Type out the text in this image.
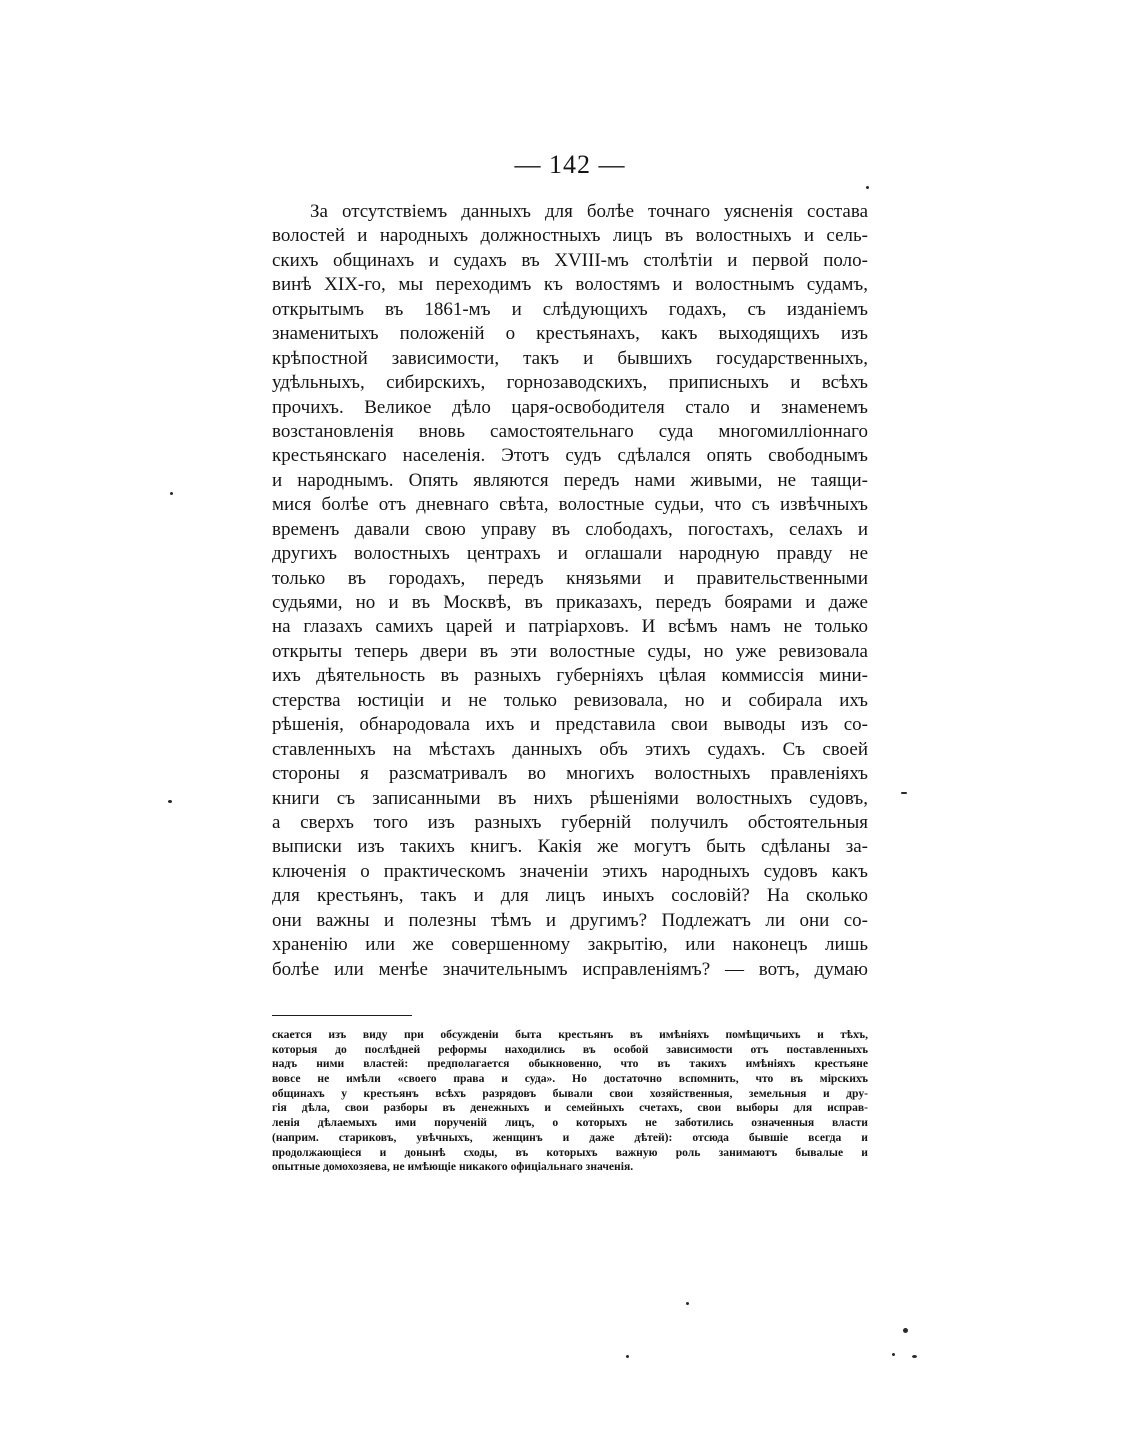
— 142 —
За отсутствіемъ данныхъ для болѣе точнаго уясненія состава
волостей и народныхъ должностныхъ лицъ въ волостныхъ и сель-
скихъ общинахъ и судахъ въ XVIII-мъ столѣтіи и первой поло-
винѣ XIX-го, мы переходимъ къ волостямъ и волостнымъ судамъ,
открытымъ въ 1861-мъ и слѣдующихъ годахъ, съ изданіемъ
знаменитыхъ положеній о крестьянахъ, какъ выходящихъ изъ
крѣпостной зависимости, такъ и бывшихъ государственныхъ,
удѣльныхъ, сибирскихъ, горнозаводскихъ, приписныхъ и всѣхъ
прочихъ. Великое дѣло царя-освободителя стало и знаменемъ
возстановленія вновь самостоятельнаго суда многомилліоннаго
крестьянскаго населенія. Этотъ судъ сдѣлался опять свободнымъ
и народнымъ. Опять являются передъ нами живыми, не таящи-
мися болѣе отъ дневнаго свѣта, волостные судьи, что съ извѣчныхъ
временъ давали свою управу въ слободахъ, погостахъ, селахъ и
другихъ волостныхъ центрахъ и оглашали народную правду не
только въ городахъ, передъ князьями и правительственными
судьями, но и въ Москвѣ, въ приказахъ, передъ боярами и даже
на глазахъ самихъ царей и патріарховъ. И всѣмъ намъ не только
открыты теперь двери въ эти волостные суды, но уже ревизовала
ихъ дѣятельность въ разныхъ губерніяхъ цѣлая коммиссія мини-
стерства юстиціи и не только ревизовала, но и собирала ихъ
рѣшенія, обнародовала ихъ и представила свои выводы изъ со-
ставленныхъ на мѣстахъ данныхъ объ этихъ судахъ. Съ своей
стороны я разсматривалъ во многихъ волостныхъ правленіяхъ
книги съ записанными въ нихъ рѣшеніями волостныхъ судовъ,
а сверхъ того изъ разныхъ губерній получилъ обстоятельныя
выписки изъ такихъ книгъ. Какія же могутъ быть сдѣланы за-
ключенія о практическомъ значеніи этихъ народныхъ судовъ какъ
для крестьянъ, такъ и для лицъ иныхъ сословій? На сколько
они важны и полезны тѣмъ и другимъ? Подлежатъ ли они со-
храненію или же совершенному закрытію, или наконецъ лишь
болѣе или менѣе значительнымъ исправленіямъ? — вотъ, думаю
скается изъ виду при обсужденіи быта крестьянъ въ имѣніяхъ помѣщичьихъ и тѣхъ,
которыя до послѣдней реформы находились въ особой зависимости отъ поставленныхъ
надъ ними властей: предполагается обыкновенно, что въ такихъ имѣніяхъ крестьяне
вовсе не имѣли «своего права и суда». Но достаточно вспомнить, что въ мірскихъ
общинахъ у крестьянъ всѣхъ разрядовъ бывали свои хозяйственныя, земельныя и дру-
гія дѣла, свои разборы въ денежныхъ и семейныхъ счетахъ, свои выборы для исправ-
ленія дѣлаемыхъ ими порученій лицъ, о которыхъ не заботились означенныя власти
(наприм. стариковъ, увѣчныхъ, женщинъ и даже дѣтей): отсюда бывшіе всегда и
продолжающіеся и донынѣ сходы, въ которыхъ важную роль занимаютъ бывалые и
опытные домохозяева, не имѣющіе никакого офиціальнаго значенія.
